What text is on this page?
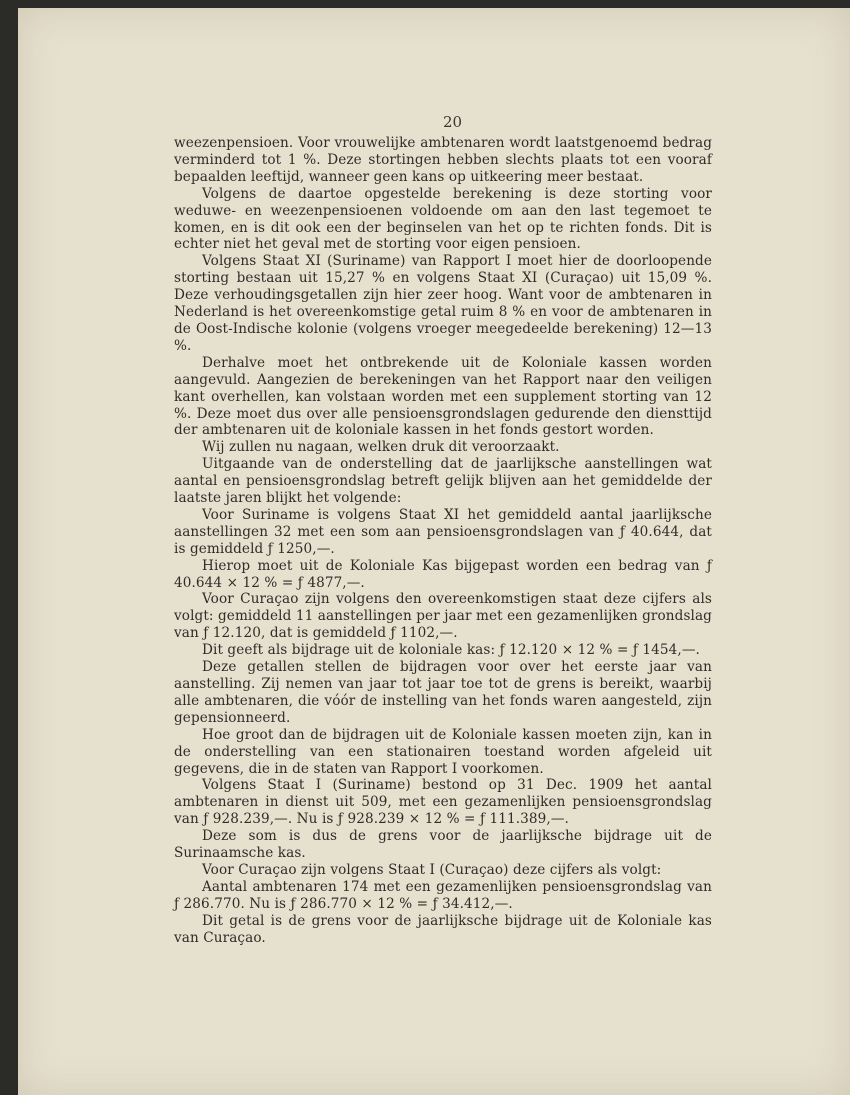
20

weezenpensioen. Voor vrouwelijke ambtenaren wordt laatstgenoemd bedrag verminderd tot 1 %. Deze stortingen hebben slechts plaats tot een vooraf bepaalden leeftijd, wanneer geen kans op uitkeering meer bestaat.

Volgens de daartoe opgestelde berekening is deze storting voor weduwe- en weezenpensioenen voldoende om aan den last tegemoet te komen, en is dit ook een der beginselen van het op te richten fonds. Dit is echter niet het geval met de storting voor eigen pensioen.

Volgens Staat XI (Suriname) van Rapport I moet hier de doorloopende storting bestaan uit 15,27 % en volgens Staat XI (Curaçao) uit 15,09 %. Deze verhoudingsgetallen zijn hier zeer hoog. Want voor de ambtenaren in Nederland is het overeenkomstige getal ruim 8 % en voor de ambtenaren in de Oost-Indische kolonie (volgens vroeger meegedeelde berekening) 12—13 %.

Derhalve moet het ontbrekende uit de Koloniale kassen worden aangevuld. Aangezien de berekeningen van het Rapport naar den veiligen kant overhellen, kan volstaan worden met een supplement storting van 12 %. Deze moet dus over alle pensioensgrondslagen gedurende den diensttijd der ambtenaren uit de koloniale kassen in het fonds gestort worden.

Wij zullen nu nagaan, welken druk dit veroorzaakt.

Uitgaande van de onderstelling dat de jaarlijksche aanstellingen wat aantal en pensioensgrondslag betreft gelijk blijven aan het gemiddelde der laatste jaren blijkt het volgende:

Voor Suriname is volgens Staat XI het gemiddeld aantal jaarlijksche aanstellingen 32 met een som aan pensioensgrondslagen van ƒ 40.644, dat is gemiddeld ƒ 1250,—.

Hierop moet uit de Koloniale Kas bijgepast worden een bedrag van ƒ 40.644 × 12 % = ƒ 4877,—.

Voor Curaçao zijn volgens den overeenkomstigen staat deze cijfers als volgt: gemiddeld 11 aanstellingen per jaar met een gezamenlijken grondslag van ƒ 12.120, dat is gemiddeld ƒ 1102,—.

Dit geeft als bijdrage uit de koloniale kas: ƒ 12.120 × 12 % = ƒ 1454,—.

Deze getallen stellen de bijdragen voor over het eerste jaar van aanstelling. Zij nemen van jaar tot jaar toe tot de grens is bereikt, waarbij alle ambtenaren, die vóór de instelling van het fonds waren aangesteld, zijn gepensionneerd.

Hoe groot dan de bijdragen uit de Koloniale kassen moeten zijn, kan in de onderstelling van een stationairen toestand worden afgeleid uit gegevens, die in de staten van Rapport I voorkomen.

Volgens Staat I (Suriname) bestond op 31 Dec. 1909 het aantal ambtenaren in dienst uit 509, met een gezamenlijken pensioensgrondslag van ƒ 928.239,—. Nu is ƒ 928.239 × 12 % = ƒ 111.389,—.

Deze som is dus de grens voor de jaarlijksche bijdrage uit de Surinaamsche kas.

Voor Curaçao zijn volgens Staat I (Curaçao) deze cijfers als volgt:

Aantal ambtenaren 174 met een gezamenlijken pensioensgrondslag van ƒ 286.770. Nu is ƒ 286.770 × 12 % = ƒ 34.412,—.

Dit getal is de grens voor de jaarlijksche bijdrage uit de Koloniale kas van Curaçao.
